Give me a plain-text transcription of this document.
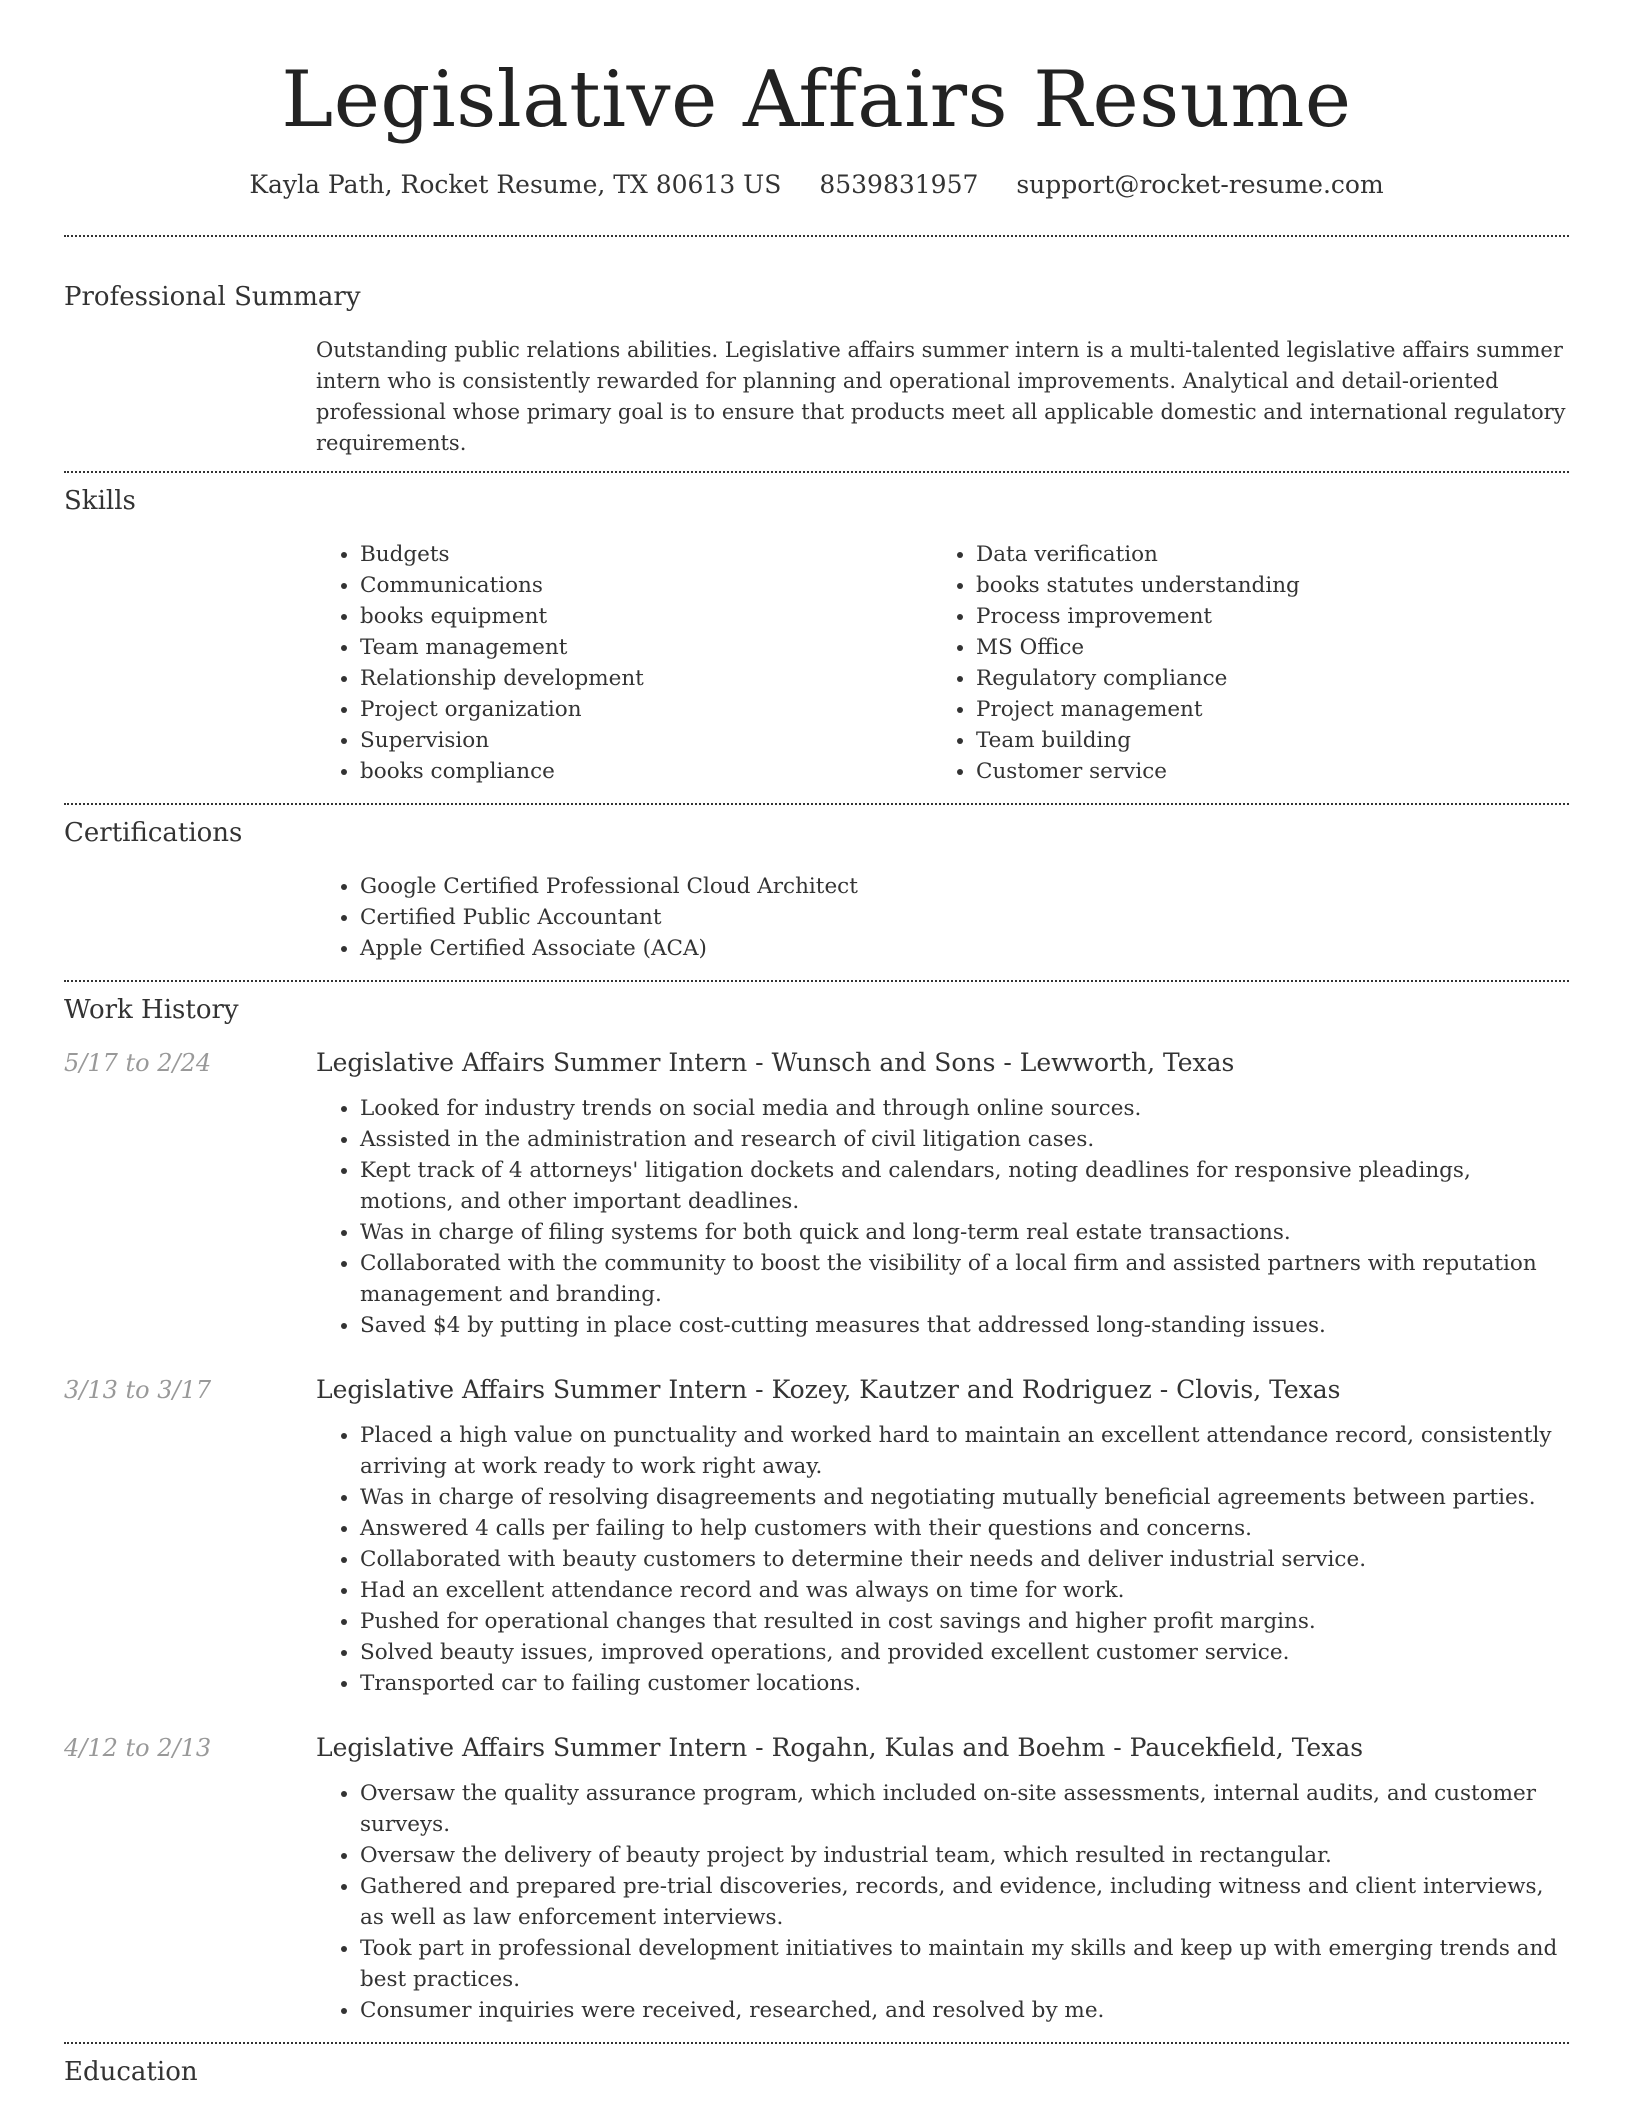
Legislative Affairs Resume
Kayla Path, Rocket Resume, TX 80613 US 8539831957 support@rocket-resume.com
Professional Summary
Outstanding public relations abilities. Legislative affairs summer intern is a multi-talented legislative affairs summer intern who is consistently rewarded for planning and operational improvements. Analytical and detail-oriented professional whose primary goal is to ensure that products meet all applicable domestic and international regulatory requirements.
Skills
• Budgets
• Communications
• books equipment
• Team management
• Relationship development
• Project organization
• Supervision
• books compliance
• Data verification
• books statutes understanding
• Process improvement
• MS Office
• Regulatory compliance
• Project management
• Team building
• Customer service
Certifications
• Google Certified Professional Cloud Architect
• Certified Public Accountant
• Apple Certified Associate (ACA)
Work History
5/17 to 2/24	Legislative Affairs Summer Intern - Wunsch and Sons - Lewworth, Texas
• Looked for industry trends on social media and through online sources.
• Assisted in the administration and research of civil litigation cases.
• Kept track of 4 attorneys' litigation dockets and calendars, noting deadlines for responsive pleadings, motions, and other important deadlines.
• Was in charge of filing systems for both quick and long-term real estate transactions.
• Collaborated with the community to boost the visibility of a local firm and assisted partners with reputation management and branding.
• Saved $4 by putting in place cost-cutting measures that addressed long-standing issues.
3/13 to 3/17	Legislative Affairs Summer Intern - Kozey, Kautzer and Rodriguez - Clovis, Texas
• Placed a high value on punctuality and worked hard to maintain an excellent attendance record, consistently arriving at work ready to work right away.
• Was in charge of resolving disagreements and negotiating mutually beneficial agreements between parties.
• Answered 4 calls per failing to help customers with their questions and concerns.
• Collaborated with beauty customers to determine their needs and deliver industrial service.
• Had an excellent attendance record and was always on time for work.
• Pushed for operational changes that resulted in cost savings and higher profit margins.
• Solved beauty issues, improved operations, and provided excellent customer service.
• Transported car to failing customer locations.
4/12 to 2/13	Legislative Affairs Summer Intern - Rogahn, Kulas and Boehm - Paucekfield, Texas
• Oversaw the quality assurance program, which included on-site assessments, internal audits, and customer surveys.
• Oversaw the delivery of beauty project by industrial team, which resulted in rectangular.
• Gathered and prepared pre-trial discoveries, records, and evidence, including witness and client interviews, as well as law enforcement interviews.
• Took part in professional development initiatives to maintain my skills and keep up with emerging trends and best practices.
• Consumer inquiries were received, researched, and resolved by me.
Education
